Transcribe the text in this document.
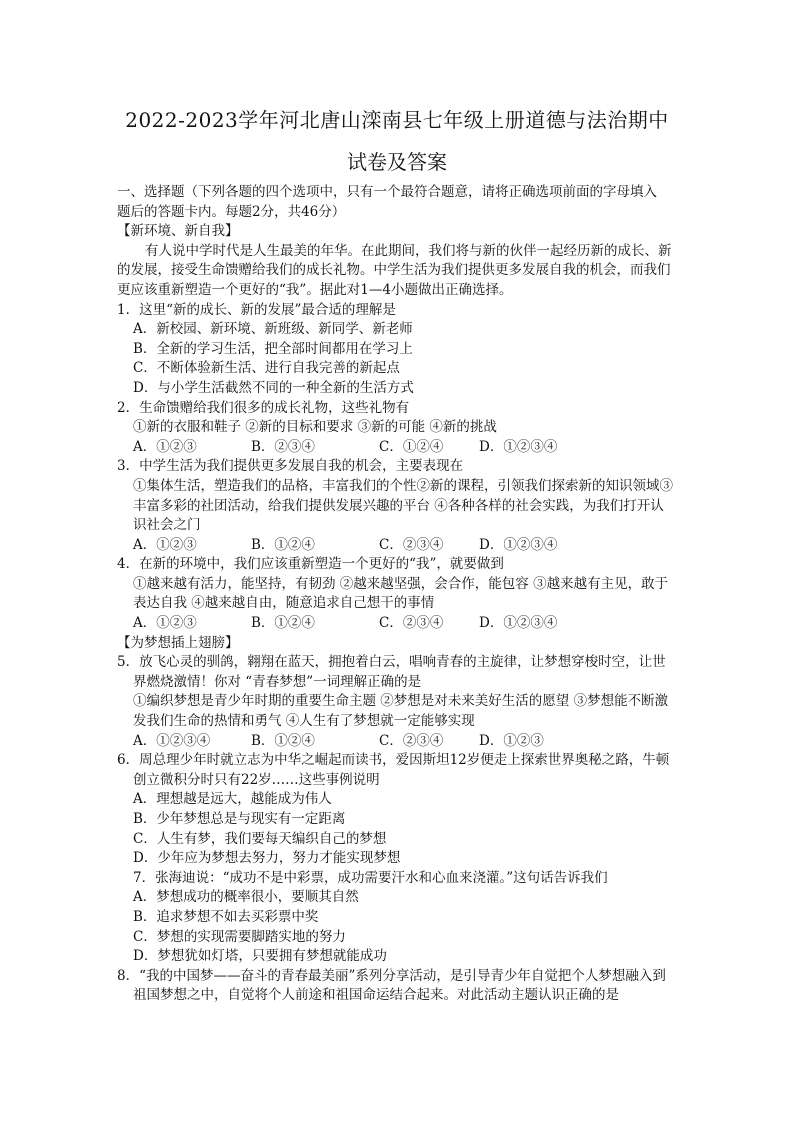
2022-2023学年河北唐山滦南县七年级上册道德与法治期中
试卷及答案
一、选择题（下列各题的四个选项中，只有一个最符合题意，请将正确选项前面的字母填入
题后的答题卡内。每题2分，共46分）
【新环境、新自我】
有人说中学时代是人生最美的年华。在此期间，我们将与新的伙伴一起经历新的成长、新的发展，接受生命馈赠给我们的成长礼物。中学生活为我们提供更多发展自我的机会，而我们更应该重新塑造一个更好的“我”。据此对1—4小题做出正确选择。
1．这里“新的成长、新的发展”最合适的理解是
A．新校园、新环境、新班级、新同学、新老师
B．全新的学习生活，把全部时间都用在学习上
C．不断体验新生活、进行自我完善的新起点
D．与小学生活截然不同的一种全新的生活方式
2．生命馈赠给我们很多的成长礼物，这些礼物有
①新的衣服和鞋子 ②新的目标和要求 ③新的可能 ④新的挑战
A．①②③	B．②③④	C．①②④	D．①②③④
3．中学生活为我们提供更多发展自我的机会，主要表现在
①集体生活，塑造我们的品格，丰富我们的个性②新的课程，引领我们探索新的知识领域③丰富多彩的社团活动，给我们提供发展兴趣的平台 ④各种各样的社会实践，为我们打开认识社会之门
A．①②③	B．①②④	C．②③④	D．①②③④
4．在新的环境中，我们应该重新塑造一个更好的“我”，就要做到
①越来越有活力，能坚持，有韧劲 ②越来越坚强，会合作，能包容 ③越来越有主见，敢于表达自我 ④越来越自由，随意追求自己想干的事情
A．①②③	B．①②④	C．②③④	D．①②③④
【为梦想插上翅膀】
5．放飞心灵的驯鸽，翱翔在蓝天，拥抱着白云，唱响青春的主旋律，让梦想穿梭时空，让世界燃烧激情！你对 “青春梦想”一词理解正确的是
①编织梦想是青少年时期的重要生命主题 ②梦想是对未来美好生活的愿望 ③梦想能不断激发我们生命的热情和勇气 ④人生有了梦想就一定能够实现
A．①②③④	B．①②④	C．②③④	D．①②③
6．周总理少年时就立志为中华之崛起而读书，爱因斯坦12岁便走上探索世界奥秘之路，牛顿创立微积分时只有22岁……这些事例说明
A．理想越是远大，越能成为伟人
B．少年梦想总是与现实有一定距离
C．人生有梦，我们要每天编织自己的梦想
D．少年应为梦想去努力，努力才能实现梦想
7．张海迪说：“成功不是中彩票，成功需要汗水和心血来浇灌。”这句话告诉我们
A．梦想成功的概率很小，要顺其自然
B．追求梦想不如去买彩票中奖
C．梦想的实现需要脚踏实地的努力
D．梦想犹如灯塔，只要拥有梦想就能成功
8．“我的中国梦——奋斗的青春最美丽”系列分享活动，是引导青少年自觉把个人梦想融入到祖国梦想之中，自觉将个人前途和祖国命运结合起来。对此活动主题认识正确的是
